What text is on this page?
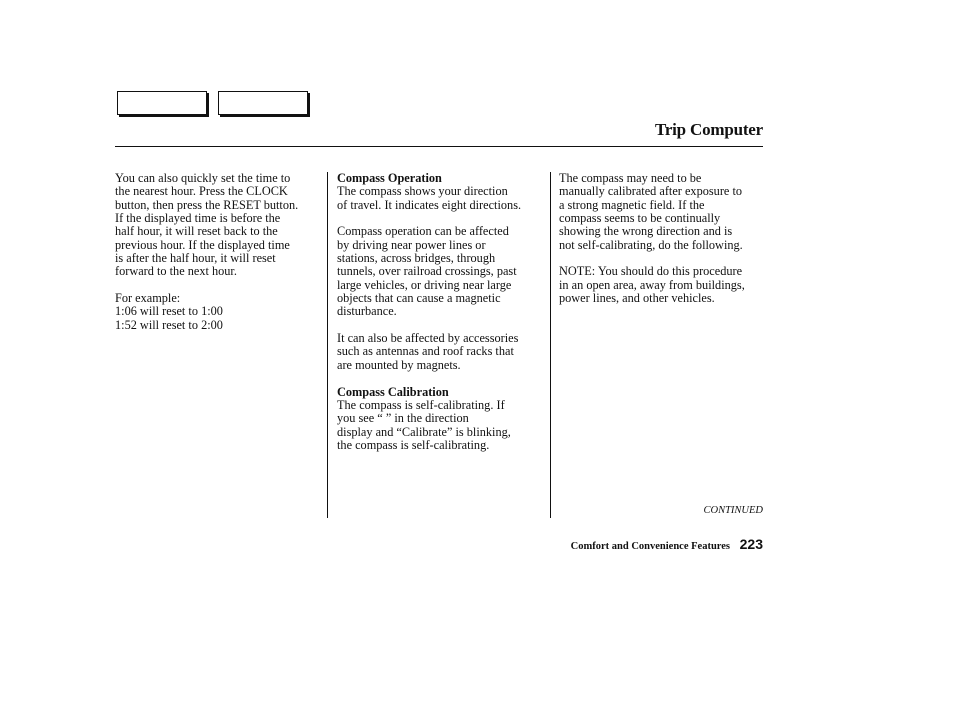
Trip Computer

You can also quickly set the time to
the nearest hour. Press the CLOCK
button, then press the RESET button.
If the displayed time is before the
half hour, it will reset back to the
previous hour. If the displayed time
is after the half hour, it will reset
forward to the next hour.

For example:
1:06 will reset to 1:00
1:52 will reset to 2:00

Compass Operation
The compass shows your direction
of travel. It indicates eight directions.

Compass operation can be affected
by driving near power lines or
stations, across bridges, through
tunnels, over railroad crossings, past
large vehicles, or driving near large
objects that can cause a magnetic
disturbance.

It can also be affected by accessories
such as antennas and roof racks that
are mounted by magnets.

Compass Calibration
The compass is self-calibrating. If
you see “ ” in the direction
display and “Calibrate” is blinking,
the compass is self-calibrating.

The compass may need to be
manually calibrated after exposure to
a strong magnetic field. If the
compass seems to be continually
showing the wrong direction and is
not self-calibrating, do the following.

NOTE: You should do this procedure
in an open area, away from buildings,
power lines, and other vehicles.

CONTINUED
Comfort and Convenience Features 223
